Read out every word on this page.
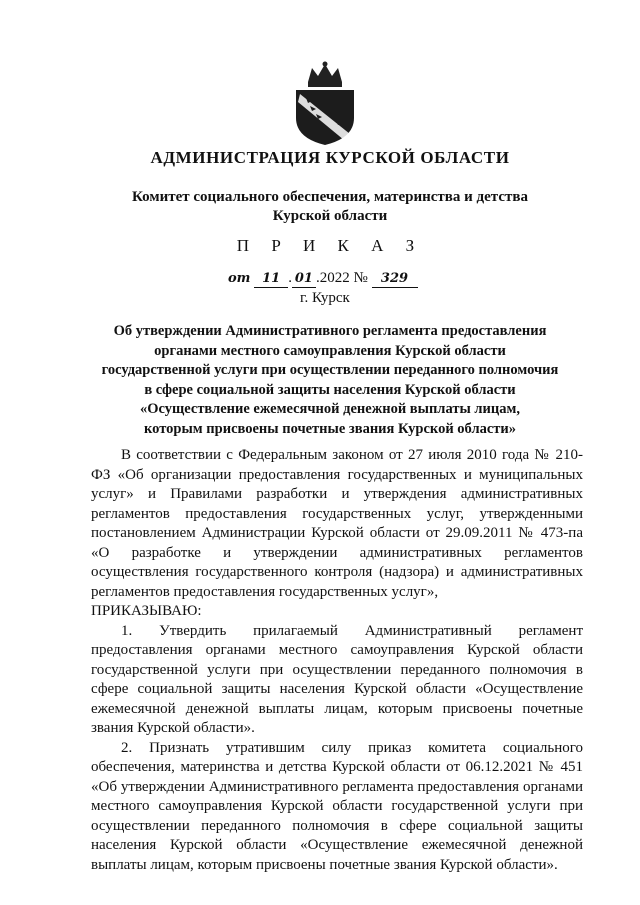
АДМИНИСТРАЦИЯ КУРСКОЙ ОБЛАСТИ
Комитет социального обеспечения, материнства и детства
Курской области
П Р И К А З
от 11 . 01 .2022 № 329
г. Курск
Об утверждении Административного регламента предоставления
органами местного самоуправления Курской области
государственной услуги при осуществлении переданного полномочия
в сфере социальной защиты населения Курской области
«Осуществление ежемесячной денежной выплаты лицам,
которым присвоены почетные звания Курской области»

В соответствии с Федеральным законом от 27 июля 2010 года № 210-ФЗ «Об организации предоставления государственных и муниципальных услуг» и Правилами разработки и утверждения административных регламентов предоставления государственных услуг, утвержденными постановлением Администрации Курской области от 29.09.2011 № 473-па «О разработке и утверждении административных регламентов осуществления государственного контроля (надзора) и административных регламентов предоставления государственных услуг»,

ПРИКАЗЫВАЮ:

1. Утвердить прилагаемый Административный регламент предоставления органами местного самоуправления Курской области государственной услуги при осуществлении переданного полномочия в сфере социальной защиты населения Курской области «Осуществление ежемесячной денежной выплаты лицам, которым присвоены почетные звания Курской области».

2. Признать утратившим силу приказ комитета социального обеспечения, материнства и детства Курской области от 06.12.2021 № 451 «Об утверждении Административного регламента предоставления органами местного самоуправления Курской области государственной услуги при осуществлении переданного полномочия в сфере социальной защиты населения Курской области «Осуществление ежемесячной денежной выплаты лицам, которым присвоены почетные звания Курской области».
